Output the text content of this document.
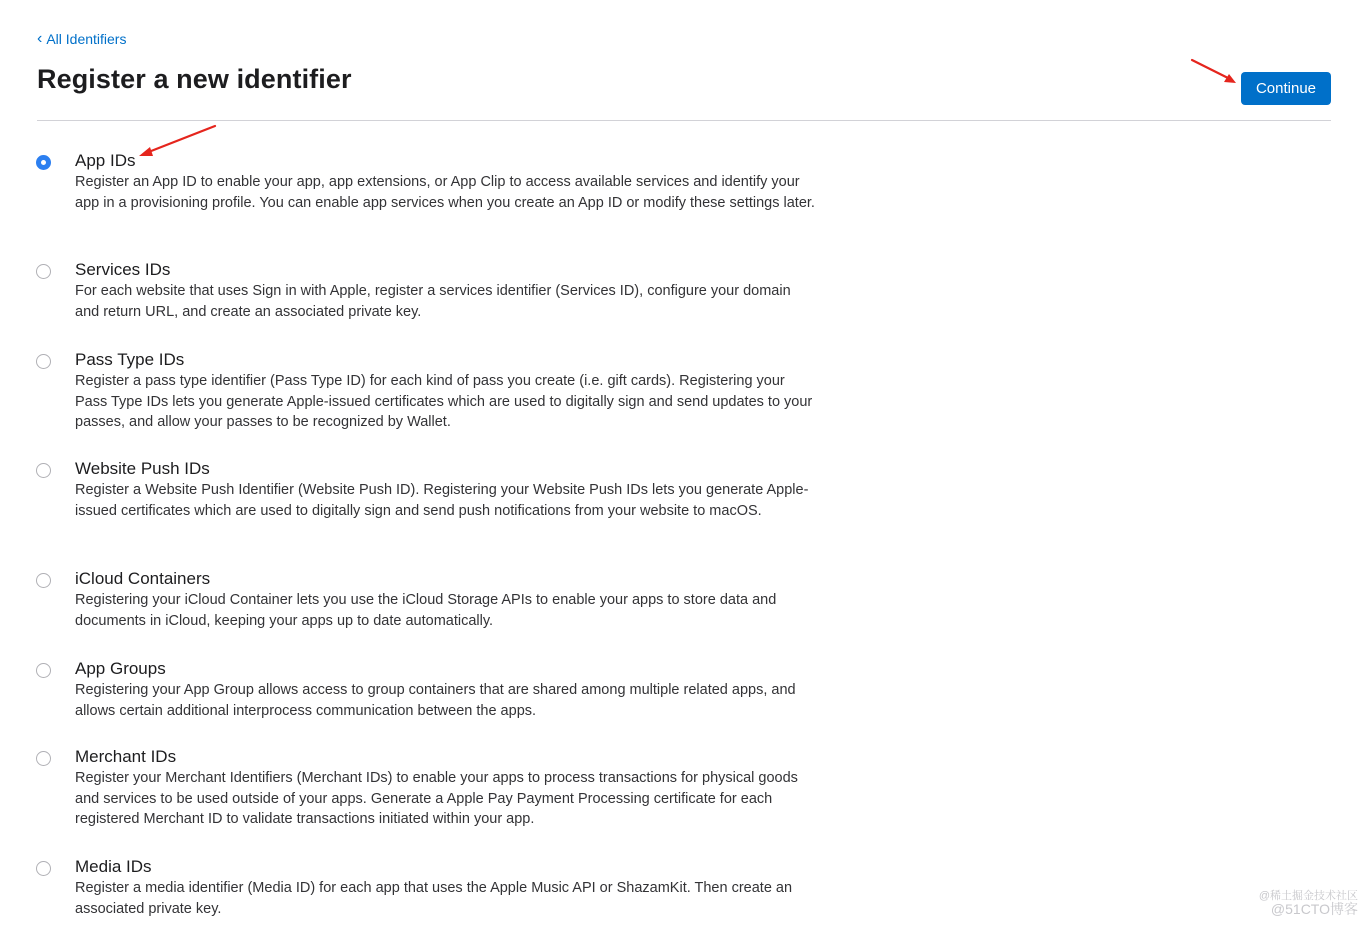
‹ All Identifiers
Register a new identifier	Continue
App IDs

Register an App ID to enable your app, app extensions, or App Clip to access available services and identify your app in a provisioning profile. You can enable app services when you create an App ID or modify these settings later.

Services IDs

For each website that uses Sign in with Apple, register a services identifier (Services ID), configure your domain and return URL, and create an associated private key.

Pass Type IDs

Register a pass type identifier (Pass Type ID) for each kind of pass you create (i.e. gift cards). Registering your Pass Type IDs lets you generate Apple-issued certificates which are used to digitally sign and send updates to your passes, and allow your passes to be recognized by Wallet.

Website Push IDs

Register a Website Push Identifier (Website Push ID). Registering your Website Push IDs lets you generate Apple-issued certificates which are used to digitally sign and send push notifications from your website to macOS.

iCloud Containers

Registering your iCloud Container lets you use the iCloud Storage APIs to enable your apps to store data and documents in iCloud, keeping your apps up to date automatically.

App Groups

Registering your App Group allows access to group containers that are shared among multiple related apps, and allows certain additional interprocess communication between the apps.

Merchant IDs

Register your Merchant Identifiers (Merchant IDs) to enable your apps to process transactions for physical goods and services to be used outside of your apps. Generate a Apple Pay Payment Processing certificate for each registered Merchant ID to validate transactions initiated within your app.

Media IDs

Register a media identifier (Media ID) for each app that uses the Apple Music API or ShazamKit. Then create an associated private key.

@稀土掘金技术社区
@51CTO博客
